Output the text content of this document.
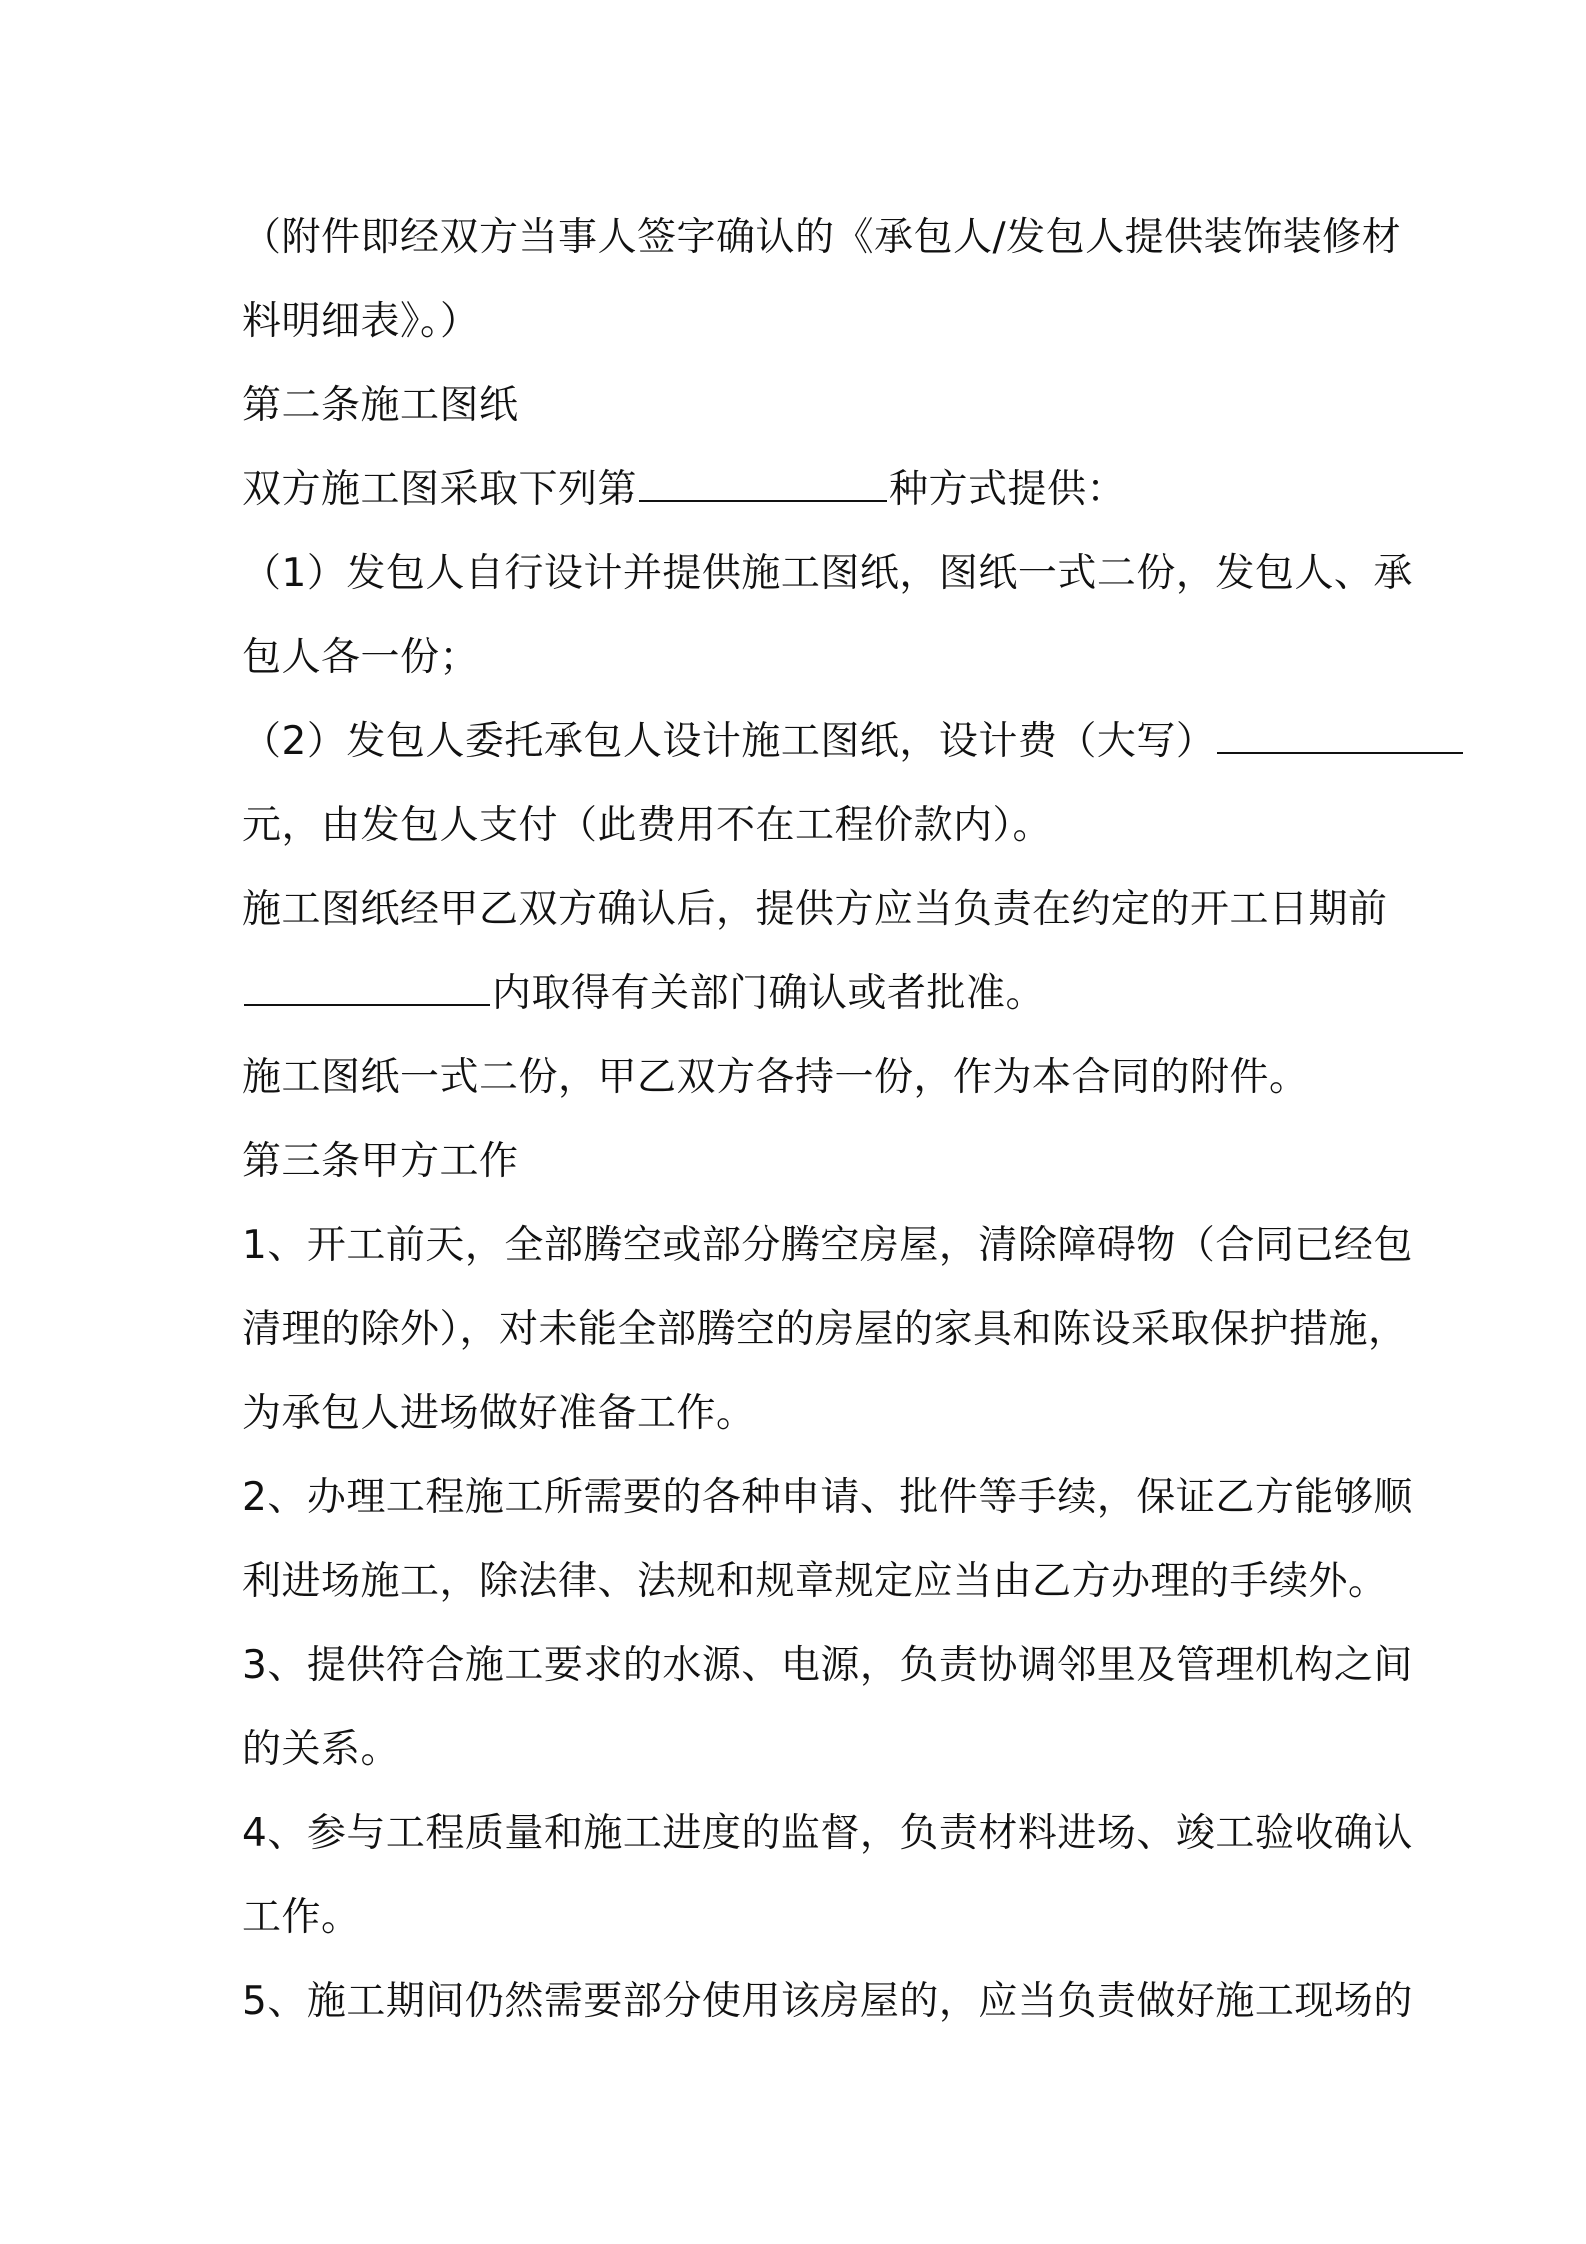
（附件即经双方当事人签字确认的《承包人/发包人提供装饰装修材
料明细表》。）
第二条施工图纸
双方施工图采取下列第	种方式提供：
（1）发包人自行设计并提供施工图纸，图纸一式二份，发包人、承
包人各一份；
（2）发包人委托承包人设计施工图纸，设计费（大写）
元，由发包人支付（此费用不在工程价款内）。
施工图纸经甲乙双方确认后，提供方应当负责在约定的开工日期前
内取得有关部门确认或者批准。
施工图纸一式二份，甲乙双方各持一份，作为本合同的附件。
第三条甲方工作
1、开工前天，全部腾空或部分腾空房屋，清除障碍物（合同已经包
清理的除外），对未能全部腾空的房屋的家具和陈设采取保护措施，
为承包人进场做好准备工作。
2、办理工程施工所需要的各种申请、批件等手续，保证乙方能够顺
利进场施工，除法律、法规和规章规定应当由乙方办理的手续外。
3、提供符合施工要求的水源、电源，负责协调邻里及管理机构之间
的关系。
4、参与工程质量和施工进度的监督，负责材料进场、竣工验收确认
工作。
5、施工期间仍然需要部分使用该房屋的，应当负责做好施工现场的
